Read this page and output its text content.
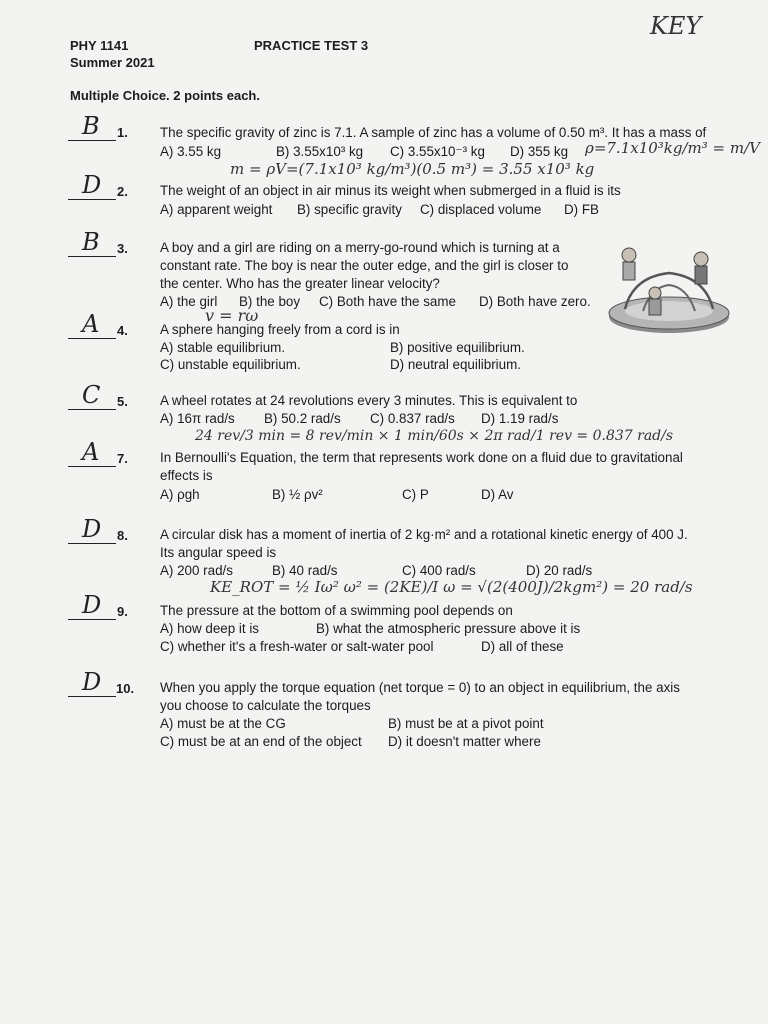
PHY 1141
Summer 2021
PRACTICE TEST 3
KEY
Multiple Choice. 2 points each.
B 1. The specific gravity of zinc is 7.1. A sample of zinc has a volume of 0.50 m³. It has a mass of
A) 3.55 kg	B) 3.55x10³ kg C) 3.55x10⁻³ kg D) 355 kg ρ=7.1x10³kg/m³ = m/V
m = ρV=(7.1x10³ kg/m³)(0.5 m³) = 3.55 x10³ kg
D 2. The weight of an object in air minus its weight when submerged in a fluid is its
A) apparent weight B) specific gravity C) displaced volume D) FB
B 3. A boy and a girl are riding on a merry-go-round which is turning at a
constant rate. The boy is near the outer edge, and the girl is closer to
the center. Who has the greater linear velocity?
A) the girl B) the boy C) Both have the same D) Both have zero.
v = rω
A 4. A sphere hanging freely from a cord is in
A) stable equilibrium.	B) positive equilibrium.
C) unstable equilibrium.	D) neutral equilibrium.
C 5. A wheel rotates at 24 revolutions every 3 minutes. This is equivalent to
A) 16π rad/s B) 50.2 rad/s C) 0.837 rad/s D) 1.19 rad/s
24 rev/3 min = 8 rev/min × 1 min/60s × 2π rad/1 rev = 0.837 rad/s
A 7. In Bernoulli's Equation, the term that represents work done on a fluid due to gravitational
effects is
A) ρgh	B) ½ ρv²	C) P	D) Av
D 8. A circular disk has a moment of inertia of 2 kg·m² and a rotational kinetic energy of 400 J.
Its angular speed is
A) 200 rad/s	B) 40 rad/s	C) 400 rad/s	D) 20 rad/s
KE_ROT = ½ Iω² ω² = (2KE)/I ω = √(2(400J)/2kgm²) = 20 rad/s
D 9. The pressure at the bottom of a swimming pool depends on
A) how deep it is	B) what the atmospheric pressure above it is
C) whether it's a fresh-water or salt-water pool	D) all of these
D 10. When you apply the torque equation (net torque = 0) to an object in equilibrium, the axis
you choose to calculate the torques
A) must be at the CG	B) must be at a pivot point
C) must be at an end of the object D) it doesn't matter where
